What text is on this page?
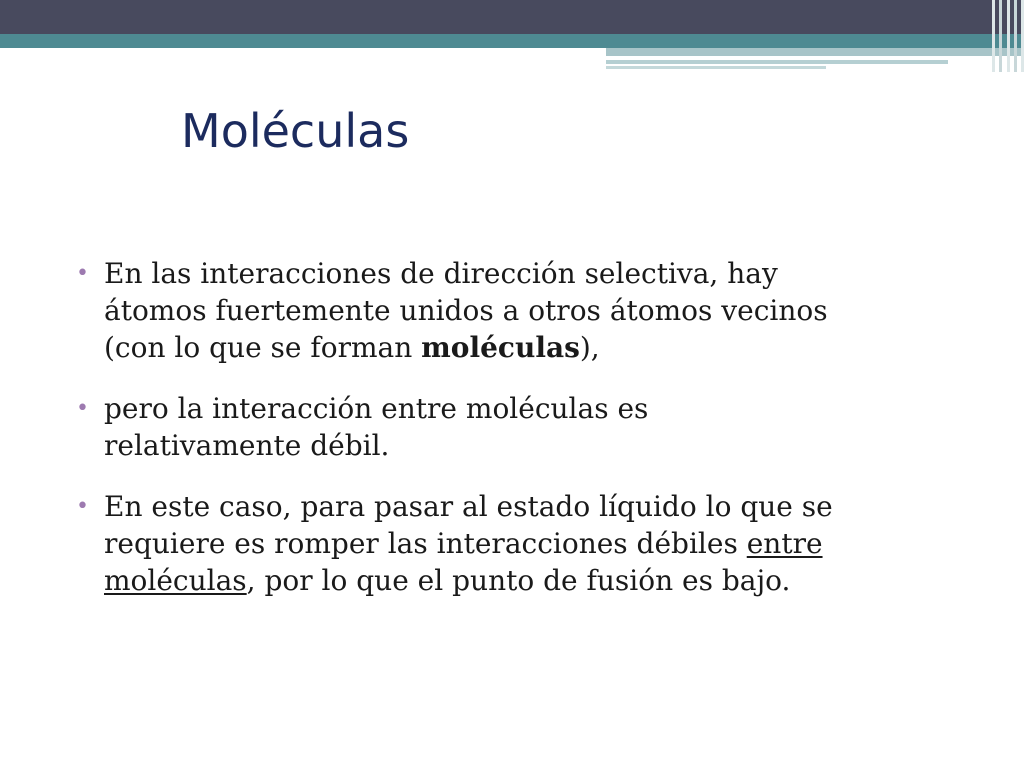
Moléculas
• En las interacciones de dirección selectiva, hay
átomos fuertemente unidos a otros átomos vecinos
(con lo que se forman moléculas),
• pero la interacción entre moléculas es
relativamente débil.
• En este caso, para pasar al estado líquido lo que se
requiere es romper las interacciones débiles entre
moléculas, por lo que el punto de fusión es bajo.
